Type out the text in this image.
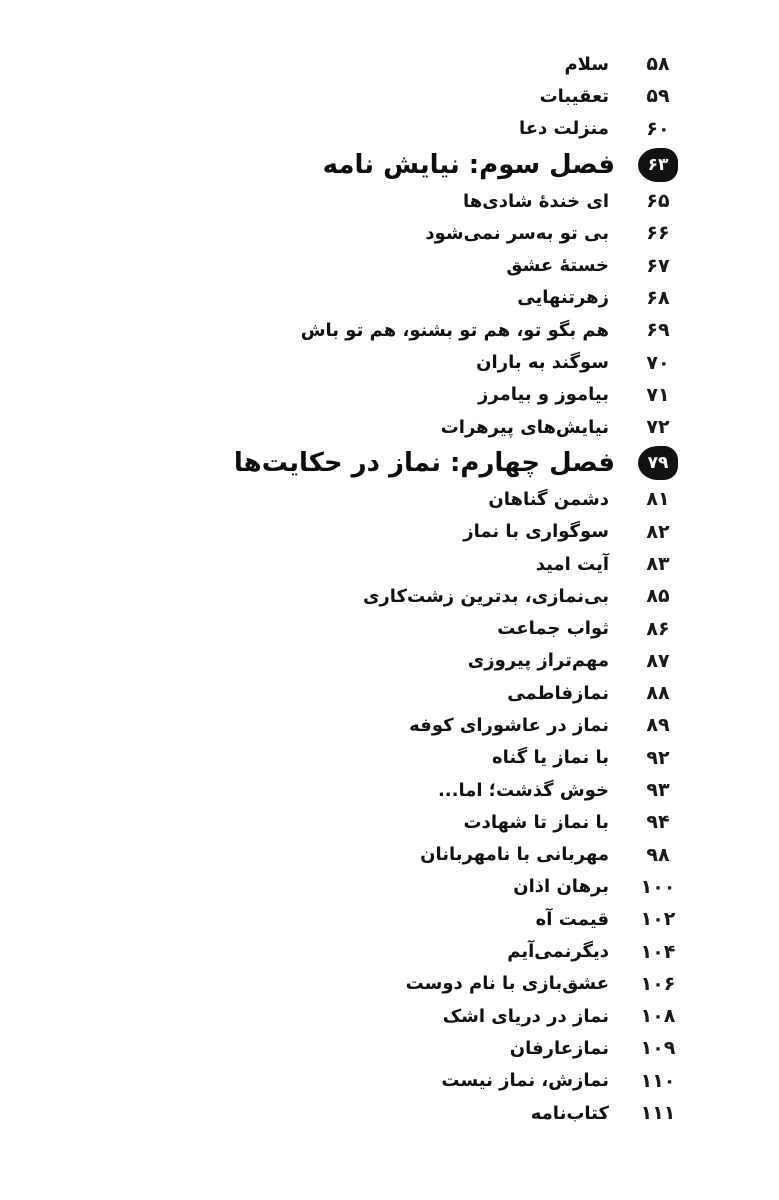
۵۸
سلام
۵۹
تعقیبات
۶۰
منزلت دعا
۶۳
فصل سوم: نیایش نامه
۶۵
ای خندهٔ شادی‌ها
۶۶
بی تو به‌سر نمی‌شود
۶۷
خستهٔ عشق
۶۸
زهرتنهایی
۶۹
هم بگو تو، هم تو بشنو، هم تو باش
۷۰
سوگند به باران
۷۱
بیاموز و بیامرز
۷۲
نیایش‌های پیرهرات
۷۹
فصل چهارم: نماز در حکایت‌ها
۸۱
دشمن گناهان
۸۲
سوگواری با نماز
۸۳
آیت امید
۸۵
بی‌نمازی، بدترین زشت‌کاری
۸۶
ثواب جماعت
۸۷
مهم‌تراز پیروزی
۸۸
نمازفاطمی
۸۹
نماز در عاشورای کوفه
۹۲
با نماز یا گناه
۹۳
خوش گذشت؛ اما...
۹۴
با نماز تا شهادت
۹۸
مهربانی با نامهربانان
۱۰۰
برهان اذان
۱۰۲
قیمت آه
۱۰۴
دیگرنمی‌آیم
۱۰۶
عشق‌بازی با نام دوست
۱۰۸
نماز در دریای اشک
۱۰۹
نمازعارفان
۱۱۰
نمازش، نماز نیست
۱۱۱
کتاب‌نامه
